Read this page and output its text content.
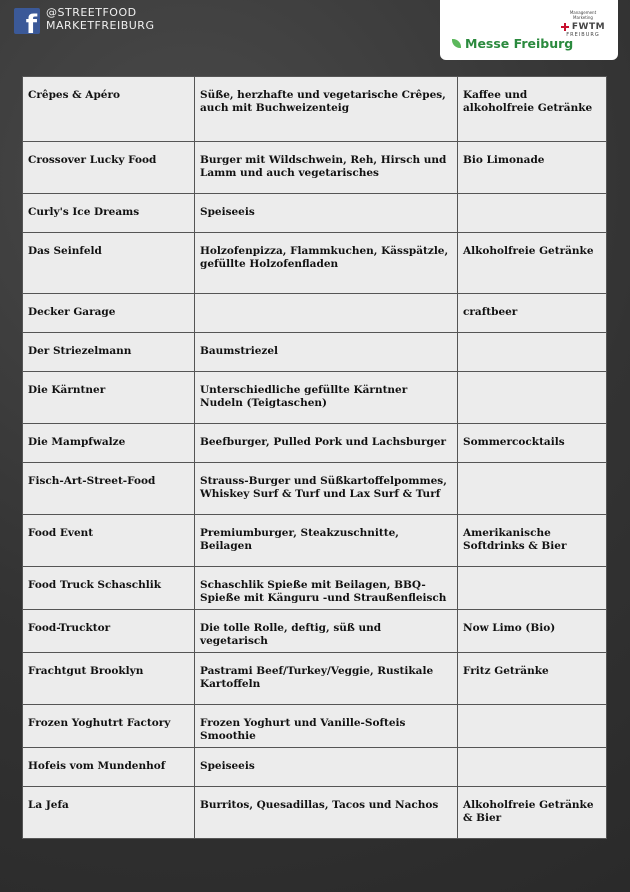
f @STREETFOOD
MARKETFREIBURG
Management
Marketing
FWTM
FREIBURG
Messe Freiburg
Crêpes & Apéro	Süße, herzhafte und vegetarische Crêpes, auch mit Buchweizenteig	Kaffee und alkoholfreie Getränke
Crossover Lucky Food	Burger mit Wildschwein, Reh, Hirsch und Lamm und auch vegetarisches	Bio Limonade
Curly's Ice Dreams	Speiseeis	
Das Seinfeld	Holzofenpizza, Flammkuchen, Kässpätzle, gefüllte Holzofenfladen	Alkoholfreie Getränke
Decker Garage		craftbeer
Der Striezelmann	Baumstriezel	
Die Kärntner	Unterschiedliche gefüllte Kärntner Nudeln (Teigtaschen)	
Die Mampfwalze	Beefburger, Pulled Pork und Lachsburger	Sommercocktails
Fisch-Art-Street-Food	Strauss-Burger und Süßkartoffelpommes, Whiskey Surf & Turf und Lax Surf & Turf	
Food Event	Premiumburger, Steakzuschnitte, Beilagen	Amerikanische Softdrinks & Bier
Food Truck Schaschlik	Schaschlik Spieße mit Beilagen, BBQ- Spieße mit Känguru -und Straußenfleisch	
Food-Trucktor	Die tolle Rolle, deftig, süß und vegetarisch	Now Limo (Bio)
Frachtgut Brooklyn	Pastrami Beef/Turkey/Veggie, Rustikale Kartoffeln	Fritz Getränke
Frozen Yoghutrt Factory	Frozen Yoghurt und Vanille-Softeis Smoothie	
Hofeis vom Mundenhof	Speiseeis	
La Jefa	Burritos, Quesadillas, Tacos und Nachos	Alkoholfreie Getränke & Bier
